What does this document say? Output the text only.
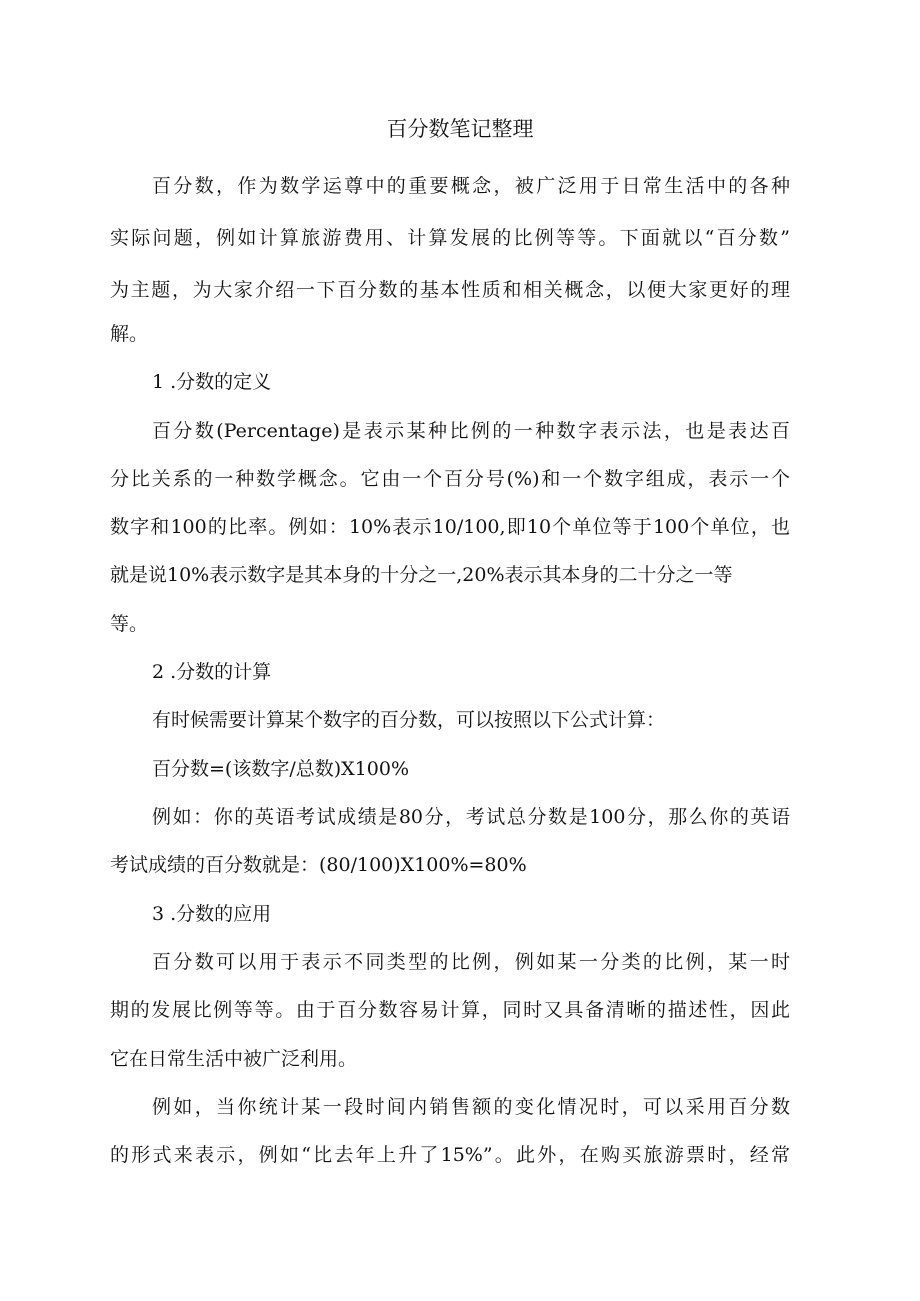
百分数笔记整理
百分数，作为数学运尊中的重要概念，被广泛用于日常生活中的各种
实际问题，例如计算旅游费用、计算发展的比例等等。下面就以“百分数”
为主题，为大家介绍一下百分数的基本性质和相关概念，以便大家更好的理
解。
1 .分数的定义
百分数(Percentage)是表示某种比例的一种数字表示法，也是表达百
分比关系的一种数学概念。它由一个百分号(%)和一个数字组成，表示一个
数字和100的比率。例如：10%表示10/100,即10个单位等于100个单位，也
就是说10%表示数字是其本身的十分之一,20%表示其本身的二十分之一等
等。
2 .分数的计算
有时候需要计算某个数字的百分数，可以按照以下公式计算：
百分数=(该数字/总数)X100%
例如：你的英语考试成绩是80分，考试总分数是100分，那么你的英语
考试成绩的百分数就是：(80/100)X100%=80%
3 .分数的应用
百分数可以用于表示不同类型的比例，例如某一分类的比例，某一时
期的发展比例等等。由于百分数容易计算，同时又具备清晰的描述性，因此
它在日常生活中被广泛利用。
例如，当你统计某一段时间内销售额的变化情况时，可以采用百分数
的形式来表示，例如“比去年上升了15%”。此外，在购买旅游票时，经常
